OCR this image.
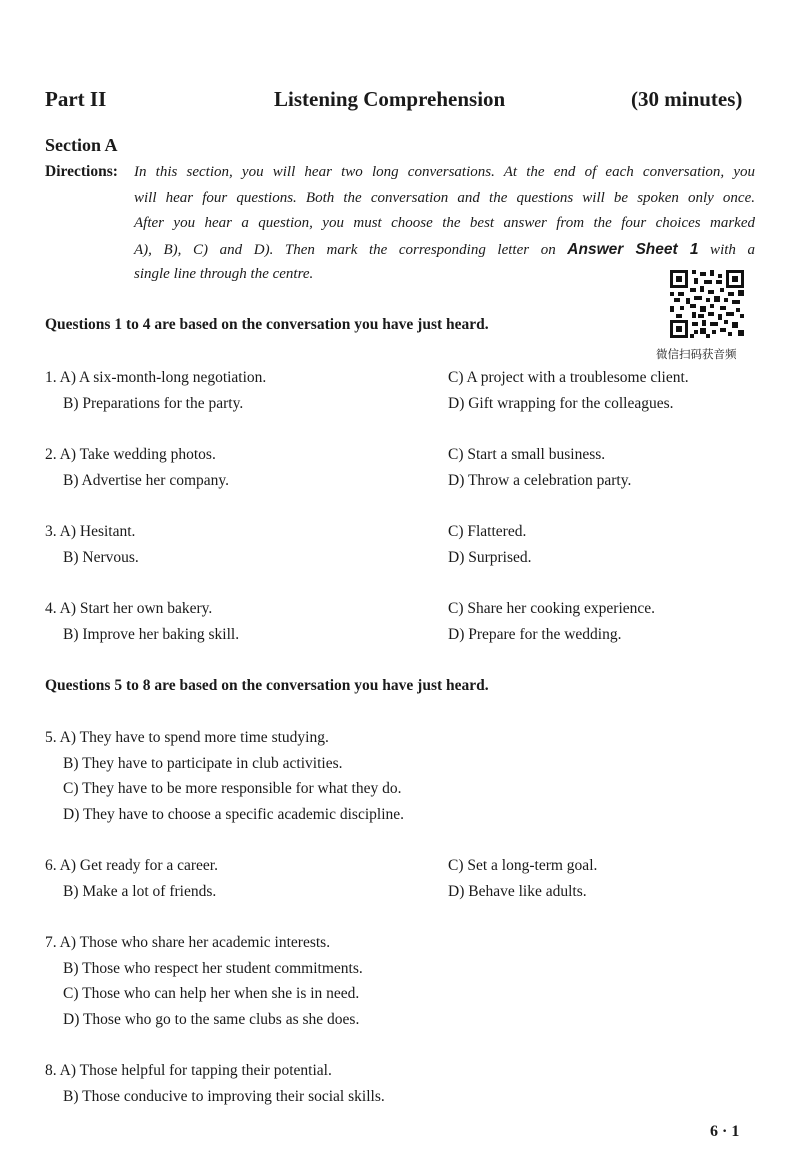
Part II	Listening Comprehension	(30 minutes)
Section A
Directions: In this section, you will hear two long conversations. At the end of each conversation, you
will hear four questions. Both the conversation and the questions will be spoken only once.
After you hear a question, you must choose the best answer from the four choices marked
A), B), C) and D). Then mark the corresponding letter on Answer Sheet 1 with a
single line through the centre.
微信扫码获音频
Questions 1 to 4 are based on the conversation you have just heard.
1. A) A six-month-long negotiation.	C) A project with a troublesome client.
B) Preparations for the party.	D) Gift wrapping for the colleagues.
2. A) Take wedding photos.	C) Start a small business.
B) Advertise her company.	D) Throw a celebration party.
3. A) Hesitant.	C) Flattered.
B) Nervous.	D) Surprised.
4. A) Start her own bakery.	C) Share her cooking experience.
B) Improve her baking skill.	D) Prepare for the wedding.
Questions 5 to 8 are based on the conversation you have just heard.
5. A) They have to spend more time studying.
B) They have to participate in club activities.
C) They have to be more responsible for what they do.
D) They have to choose a specific academic discipline.
6. A) Get ready for a career.	C) Set a long-term goal.
B) Make a lot of friends.	D) Behave like adults.
7. A) Those who share her academic interests.
B) Those who respect her student commitments.
C) Those who can help her when she is in need.
D) Those who go to the same clubs as she does.
8. A) Those helpful for tapping their potential.
B) Those conducive to improving their social skills.
6 · 1
